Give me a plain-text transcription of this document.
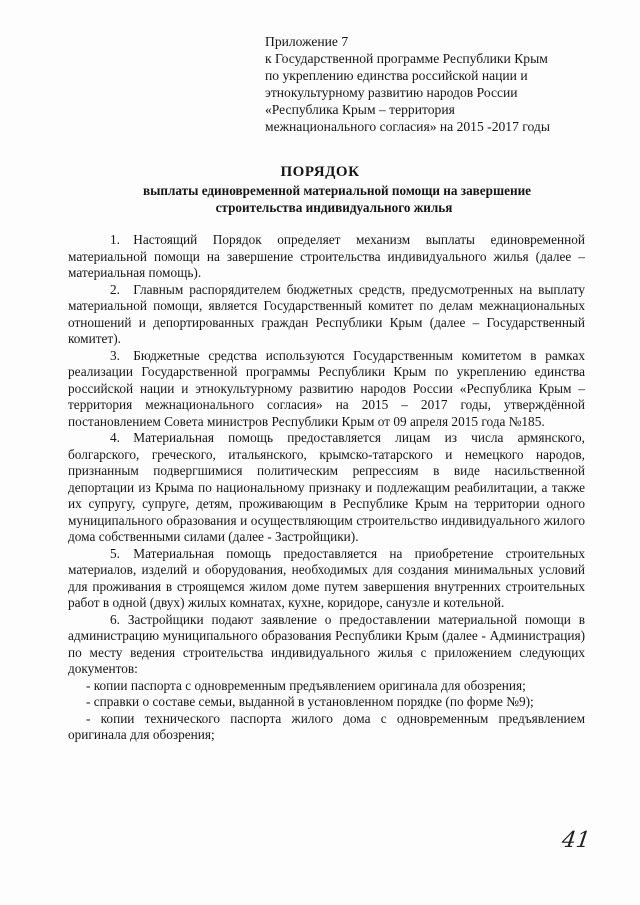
Приложение 7
к Государственной программе Республики Крым
по укреплению единства российской нации и
этнокультурному развитию народов России
«Республика Крым – территория
межнационального согласия» на 2015 -2017 годы
ПОРЯДОК
выплаты единовременной материальной помощи на завершение
строительства индивидуального жилья

1. Настоящий Порядок определяет механизм выплаты единовременной материальной помощи на завершение строительства индивидуального жилья (далее – материальная помощь).

2. Главным распорядителем бюджетных средств, предусмотренных на выплату материальной помощи, является Государственный комитет по делам межнациональных отношений и депортированных граждан Республики Крым (далее – Государственный комитет).

3. Бюджетные средства используются Государственным комитетом в рамках реализации Государственной программы Республики Крым по укреплению единства российской нации и этнокультурному развитию народов России «Республика Крым – территория межнационального согласия» на 2015 – 2017 годы, утверждённой постановлением Совета министров Республики Крым от 09 апреля 2015 года №185.

4. Материальная помощь предоставляется лицам из числа армянского, болгарского, греческого, итальянского, крымско-татарского и немецкого народов, признанным подвергшимися политическим репрессиям в виде насильственной депортации из Крыма по национальному признаку и подлежащим реабилитации, а также их супругу, супруге, детям, проживающим в Республике Крым на территории одного муниципального образования и осуществляющим строительство индивидуального жилого дома собственными силами (далее - Застройщики).

5. Материальная помощь предоставляется на приобретение строительных материалов, изделий и оборудования, необходимых для создания минимальных условий для проживания в строящемся жилом доме путем завершения внутренних строительных работ в одной (двух) жилых комнатах, кухне, коридоре, санузле и котельной.

6. Застройщики подают заявление о предоставлении материальной помощи в администрацию муниципального образования Республики Крым (далее - Администрация) по месту ведения строительства индивидуального жилья с приложением следующих документов:

- копии паспорта с одновременным предъявлением оригинала для обозрения;

- справки о составе семьи, выданной в установленном порядке (по форме №9);

- копии технического паспорта жилого дома с одновременным предъявлением оригинала для обозрения;

41
